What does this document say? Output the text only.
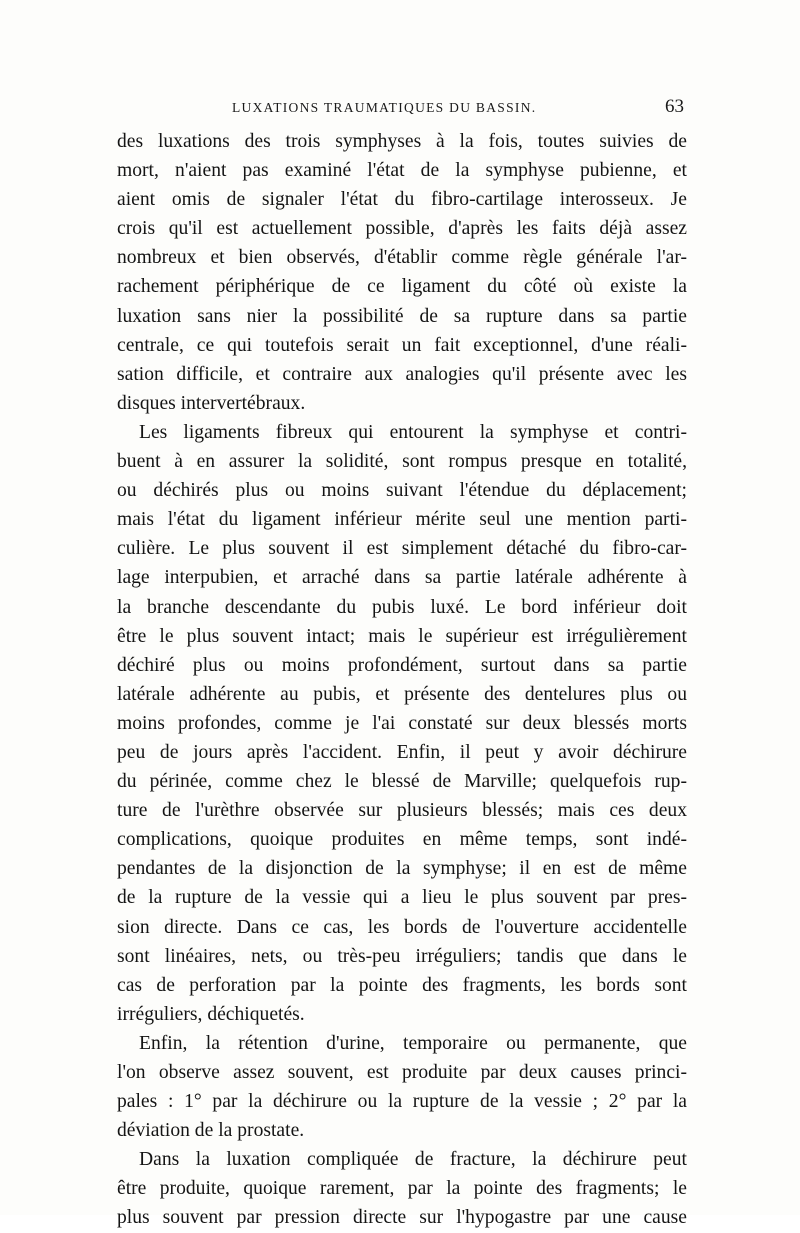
LUXATIONS TRAUMATIQUES DU BASSIN.	63

des luxations des trois symphyses à la fois, toutes suivies de
mort, n'aient pas examiné l'état de la symphyse pubienne, et
aient omis de signaler l'état du fibro-cartilage interosseux. Je
crois qu'il est actuellement possible, d'après les faits déjà assez
nombreux et bien observés, d'établir comme règle générale l'ar-
rachement périphérique de ce ligament du côté où existe la
luxation sans nier la possibilité de sa rupture dans sa partie
centrale, ce qui toutefois serait un fait exceptionnel, d'une réali-
sation difficile, et contraire aux analogies qu'il présente avec les
disques intervertébraux.

Les ligaments fibreux qui entourent la symphyse et contri-
buent à en assurer la solidité, sont rompus presque en totalité,
ou déchirés plus ou moins suivant l'étendue du déplacement;
mais l'état du ligament inférieur mérite seul une mention parti-
culière. Le plus souvent il est simplement détaché du fibro-car-
lage interpubien, et arraché dans sa partie latérale adhérente à
la branche descendante du pubis luxé. Le bord inférieur doit
être le plus souvent intact; mais le supérieur est irrégulièrement
déchiré plus ou moins profondément, surtout dans sa partie
latérale adhérente au pubis, et présente des dentelures plus ou
moins profondes, comme je l'ai constaté sur deux blessés morts
peu de jours après l'accident. Enfin, il peut y avoir déchirure
du périnée, comme chez le blessé de Marville; quelquefois rup-
ture de l'urèthre observée sur plusieurs blessés; mais ces deux
complications, quoique produites en même temps, sont indé-
pendantes de la disjonction de la symphyse; il en est de même
de la rupture de la vessie qui a lieu le plus souvent par pres-
sion directe. Dans ce cas, les bords de l'ouverture accidentelle
sont linéaires, nets, ou très-peu irréguliers; tandis que dans le
cas de perforation par la pointe des fragments, les bords sont
irréguliers, déchiquetés.

Enfin, la rétention d'urine, temporaire ou permanente, que
l'on observe assez souvent, est produite par deux causes princi-
pales : 1° par la déchirure ou la rupture de la vessie ; 2° par la
déviation de la prostate.

Dans la luxation compliquée de fracture, la déchirure peut
être produite, quoique rarement, par la pointe des fragments; le
plus souvent par pression directe sur l'hypogastre par une cause
